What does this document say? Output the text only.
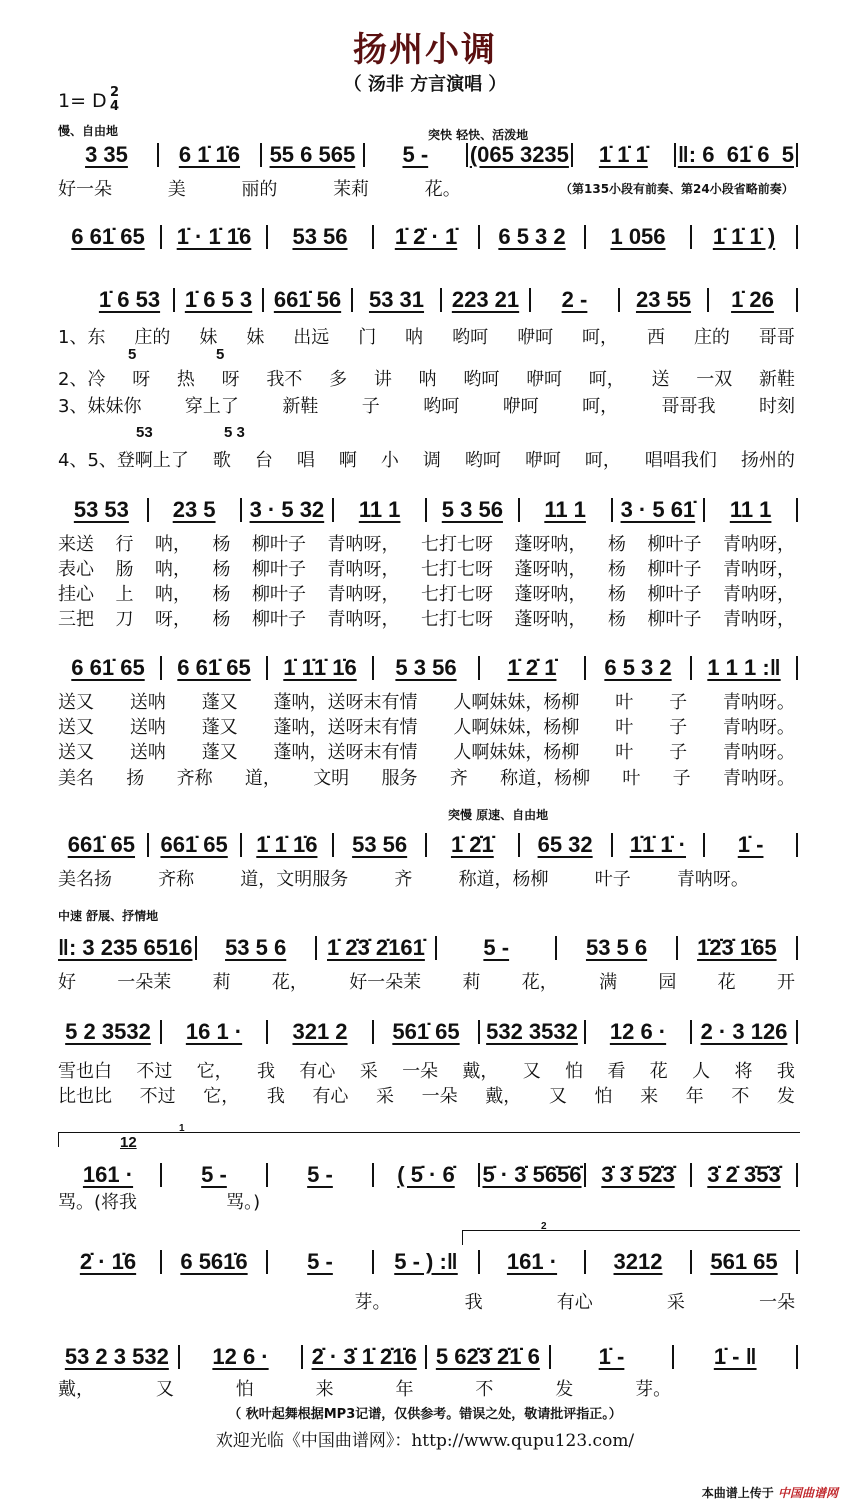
扬州小调
（ 汤非 方言演唱 ）
1= D 2
4
慢、自由地	突快 轻快、活泼地
突慢 原速、自由地
中速 舒展、抒情地
（第135小段有前奏、第24小段省略前奏）
5	5
53	5 3
1
12
2
3 35	6 1̇ 1̇6	55 6 565	5 -	(065 3235	1̇ 1̇ 1̇	‖: 6  61̇ 6  5
好一朵	美	丽的	茉莉	花。
6 61̇ 65	1̇ · 1̇ 1̇6	53 56	1̇ 2̇ · 1̇	6 5 3 2	1 056	1̇ 1̇ 1̇ )
1̇ 6 53	1̇ 6 5 3 661̇ 56	53 31	223 21	2 -	23 55	1̇ 26
1、东 庄的 妹 妹 出远 门 呐 哟呵 咿呵 呵， 西 庄的 哥哥
2、冷 呀 热 呀 我不 多 讲 呐 哟呵 咿呵 呵， 送 一双 新鞋
3、妹妹你 穿上了 新鞋 子 哟呵 咿呵 呵， 哥哥我 时刻
4、5、登啊上了 歌 台 唱 啊 小 调 哟呵 咿呵 呵， 唱唱我们 扬州的
53 53	23 5	3 · 5 32	11 1	5 3 56	11 1	3 · 5 61̇	11 1
来送 行 呐， 杨 柳叶子 青呐呀， 七打七呀 蓬呀呐， 杨 柳叶子 青呐呀，
表心 肠 呐， 杨 柳叶子 青呐呀， 七打七呀 蓬呀呐， 杨 柳叶子 青呐呀，
挂心 上 呐， 杨 柳叶子 青呐呀， 七打七呀 蓬呀呐， 杨 柳叶子 青呐呀，
三把 刀 呀， 杨 柳叶子 青呐呀， 七打七呀 蓬呀呐， 杨 柳叶子 青呐呀，
6 61̇ 65	6 61̇ 65	1̇ 1̇1̇ 1̇6	5 3 56	1̇ 2̇ 1̇	6 5 3 2	1 1 1 :‖
送又 送呐 蓬又 蓬呐，送呀末有情 人啊妹妹，杨柳 叶 子 青呐呀。
送又 送呐 蓬又 蓬呐，送呀末有情 人啊妹妹，杨柳 叶 子 青呐呀。
送又 送呐 蓬又 蓬呐，送呀末有情 人啊妹妹，杨柳 叶 子 青呐呀。
美名 扬 齐称 道， 文明 服务 齐 称道，杨柳 叶 子 青呐呀。
661̇ 65	661̇ 65	1̇ 1̇ 1̇6	53 56	1̇ 2̇1̇	65 32	1̇1̇ 1̇ ·	1̇ -
美名扬	齐称	道，文明服务	齐	称道，杨柳	叶子	青呐呀。
‖: 3 235 6516	53 5 6	1̇ 2̇3̇ 2̇161̇	5 -	53 5 6	1̇2̇3̇ 1̇65
好 一朵茉 莉 花， 好一朵茉 莉 花， 满 园 花 开
5 2 3532	16 1 ·	321 2	561̇ 65	532 3532	12 6 ·	2 · 3 126
雪也白 不过 它， 我 有心 采 一朵 戴， 又 怕 看 花 人 将 我
比也比 不过 它， 我 有心 采 一朵 戴， 又 怕 来 年 不 发
161 ·	5 -	5 -	( 5̇ · 6̇	5̇ · 3̇ 5̇6̇5̇6̇ 3̇ 3̇ 5̇2̇3̇	3̇ 2̇ 3̇5̇3̇
骂。(将我	骂。)
2̇ · 1̇6	6 561̇6	5 -	5 - ) :‖	161 ·	3212	561 65
芽。	我	有心	采	一朵
53 2 3 532	12 6 ·	2̇ · 3̇ 1̇ 2̇1̇6 5 62̇3̇ 2̇1̇ 6	1̇ -	1̇ - ‖
戴，	又	怕	来	年	不	发	芽。
（ 秋叶起舞根据MP3记谱，仅供参考。错误之处，敬请批评指正。）
欢迎光临《中国曲谱网》：http://www.qupu123.com/
本曲谱上传于 中国曲谱网
